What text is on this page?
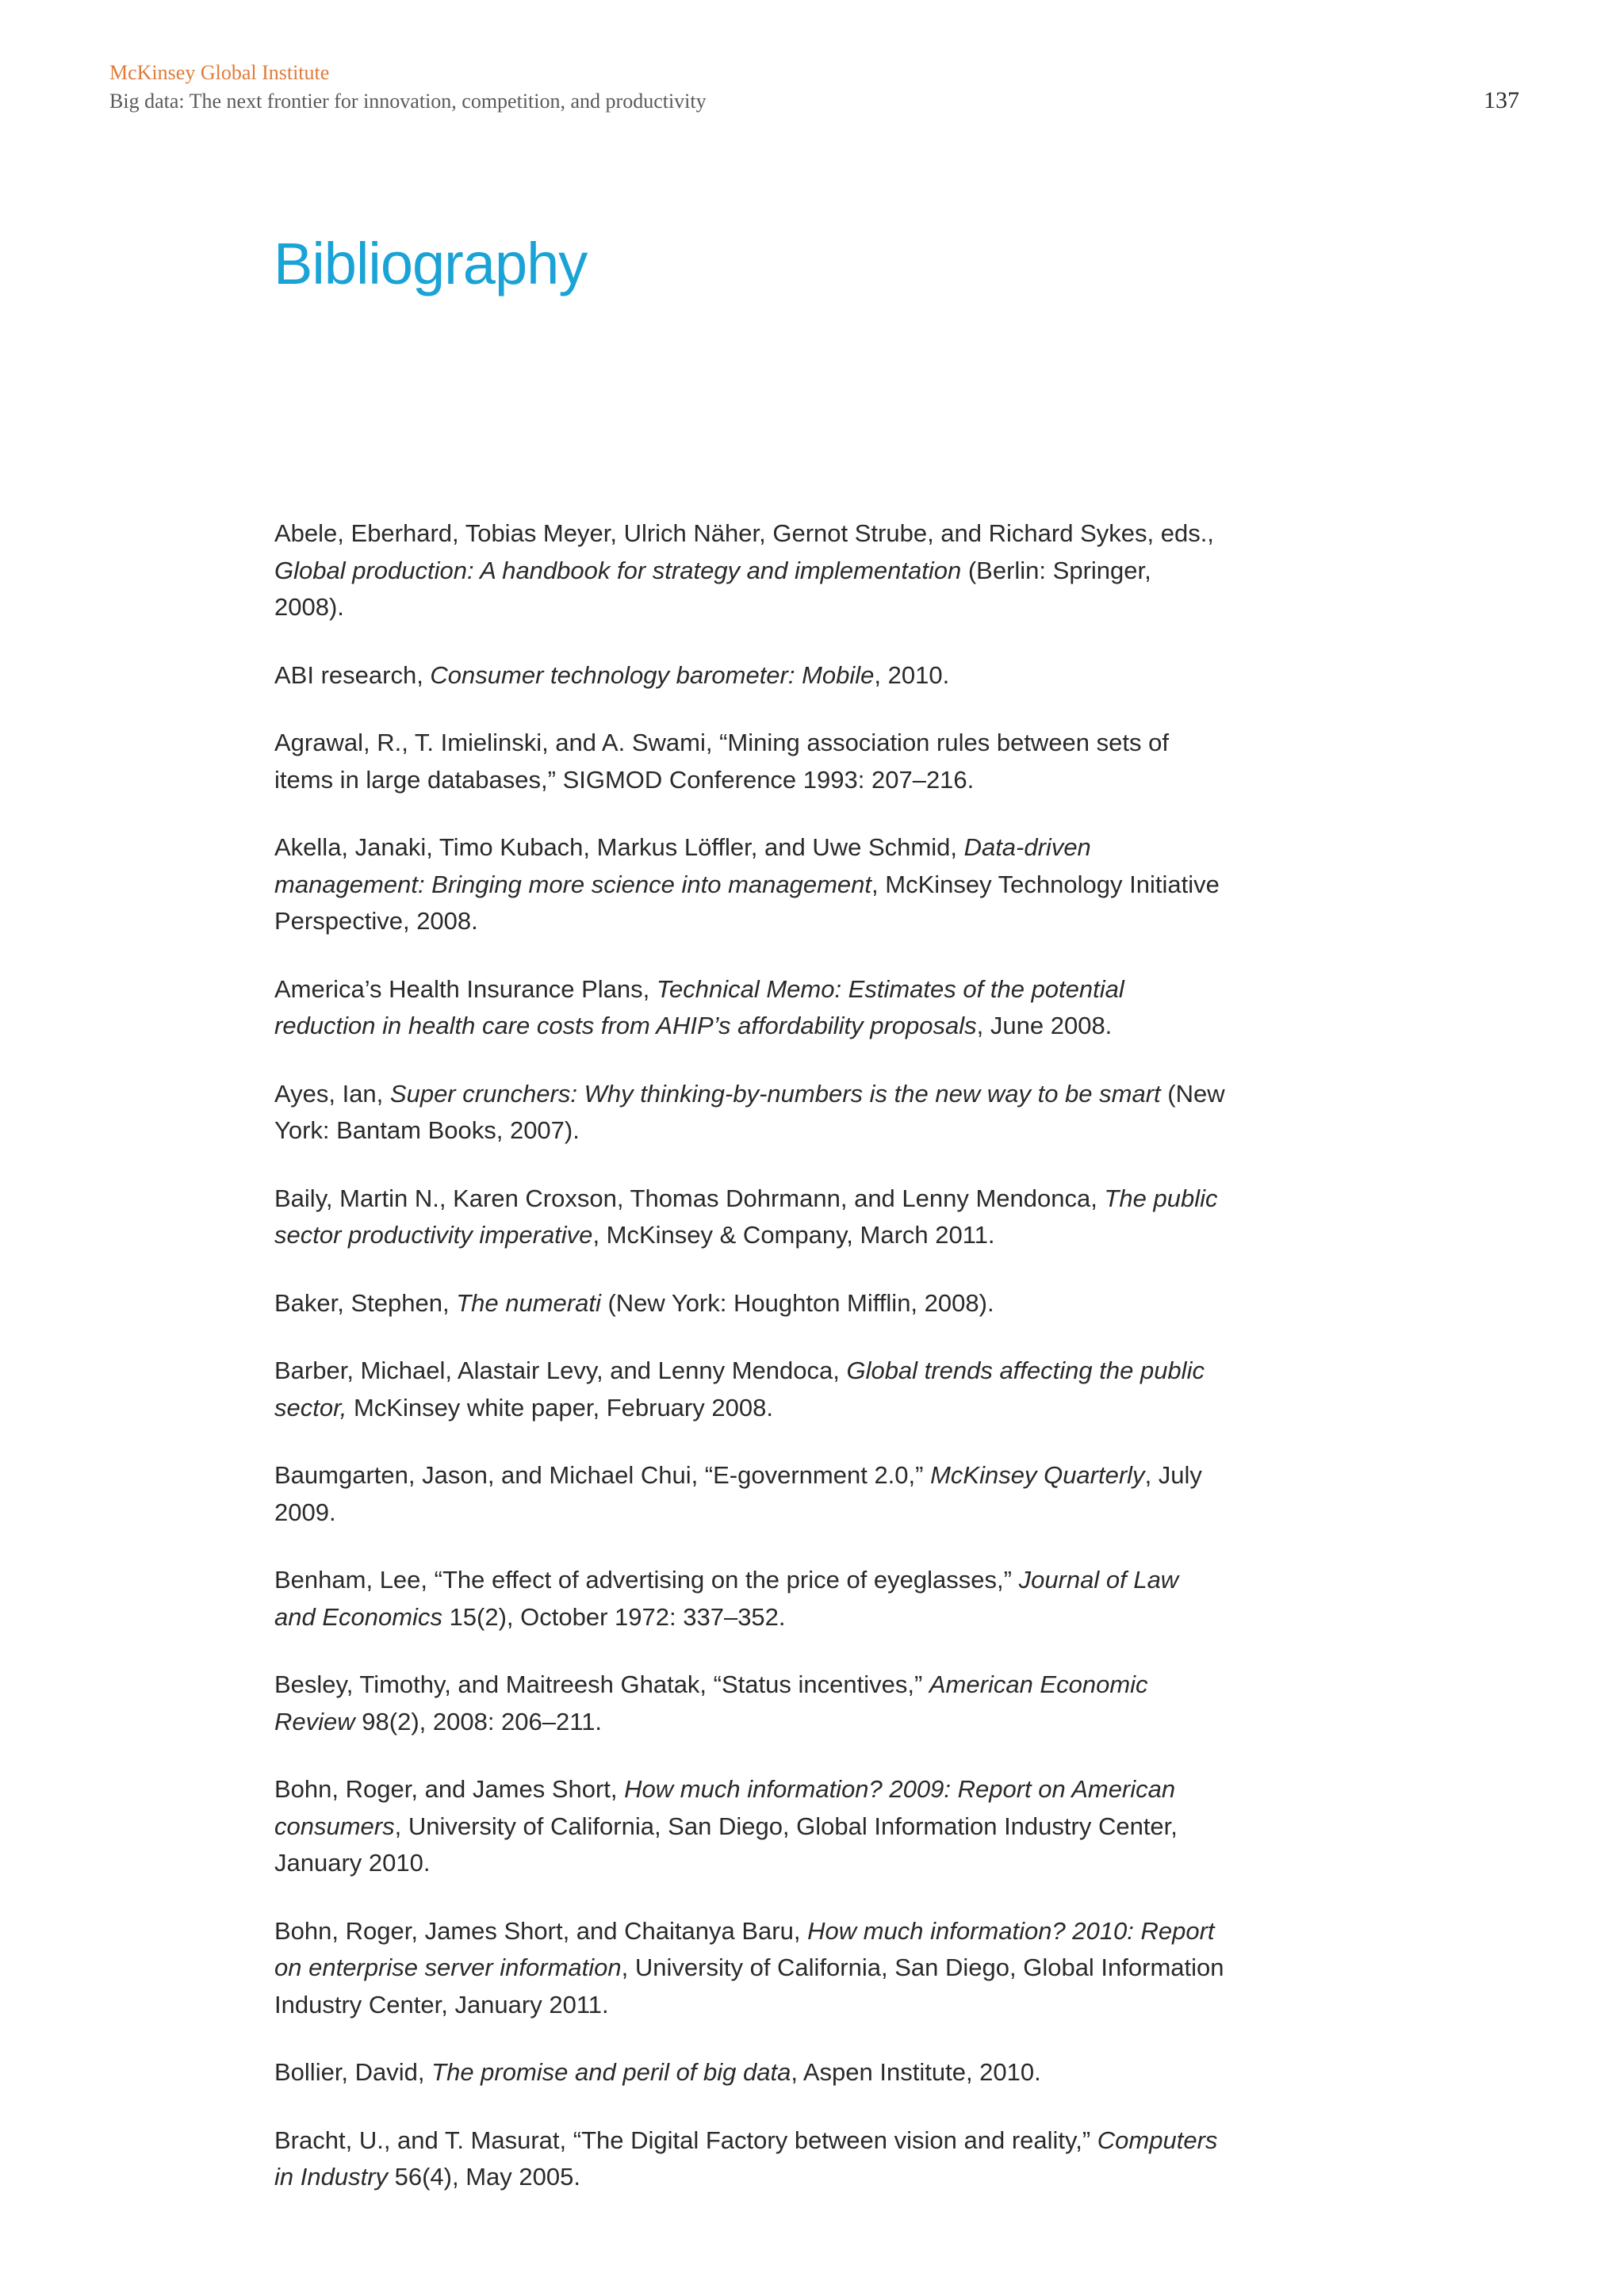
McKinsey Global Institute
Big data: The next frontier for innovation, competition, and productivity	137
Bibliography
Abele, Eberhard, Tobias Meyer, Ulrich Näher, Gernot Strube, and Richard Sykes, eds., Global production: A handbook for strategy and implementation (Berlin: Springer, 2008).
ABI research, Consumer technology barometer: Mobile, 2010.
Agrawal, R., T. Imielinski, and A. Swami, “Mining association rules between sets of items in large databases,” SIGMOD Conference 1993: 207–216.
Akella, Janaki, Timo Kubach, Markus Löffler, and Uwe Schmid, Data-driven management: Bringing more science into management, McKinsey Technology Initiative Perspective, 2008.
America’s Health Insurance Plans, Technical Memo: Estimates of the potential reduction in health care costs from AHIP’s affordability proposals, June 2008.
Ayes, Ian, Super crunchers: Why thinking-by-numbers is the new way to be smart (New York: Bantam Books, 2007).
Baily, Martin N., Karen Croxson, Thomas Dohrmann, and Lenny Mendonca, The public sector productivity imperative, McKinsey & Company, March 2011.
Baker, Stephen, The numerati (New York: Houghton Mifflin, 2008).
Barber, Michael, Alastair Levy, and Lenny Mendoca, Global trends affecting the public sector, McKinsey white paper, February 2008.
Baumgarten, Jason, and Michael Chui, “E-government 2.0,” McKinsey Quarterly, July 2009.
Benham, Lee, “The effect of advertising on the price of eyeglasses,” Journal of Law and Economics 15(2), October 1972: 337–352.
Besley, Timothy, and Maitreesh Ghatak, “Status incentives,” American Economic Review 98(2), 2008: 206–211.
Bohn, Roger, and James Short, How much information? 2009: Report on American consumers, University of California, San Diego, Global Information Industry Center, January 2010.
Bohn, Roger, James Short, and Chaitanya Baru, How much information? 2010: Report on enterprise server information, University of California, San Diego, Global Information Industry Center, January 2011.
Bollier, David, The promise and peril of big data, Aspen Institute, 2010.
Bracht, U., and T. Masurat, “The Digital Factory between vision and reality,” Computers in Industry 56(4), May 2005.
